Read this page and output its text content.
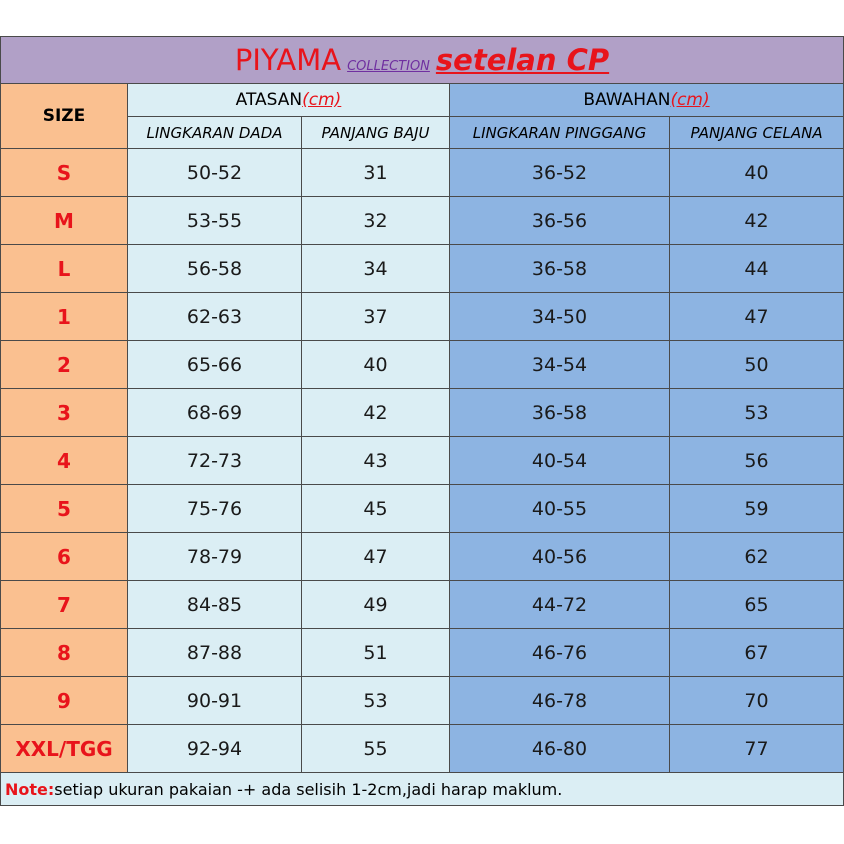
PIYAMA COLLECTION setelan CP				
SIZE	ATASAN(cm)		BAWAHAN(cm)	
	LINGKARAN DADA	PANJANG BAJU	LINGKARAN PINGGANG	PANJANG CELANA
S	50-52	31	36-52	40
M	53-55	32	36-56	42
L	56-58	34	36-58	44
1	62-63	37	34-50	47
2	65-66	40	34-54	50
3	68-69	42	36-58	53
4	72-73	43	40-54	56
5	75-76	45	40-55	59
6	78-79	47	40-56	62
7	84-85	49	44-72	65
8	87-88	51	46-76	67
9	90-91	53	46-78	70
XXL/TGG	92-94	55	46-80	77
Note:setiap ukuran pakaian -+ ada selisih 1-2cm,jadi harap maklum.				
